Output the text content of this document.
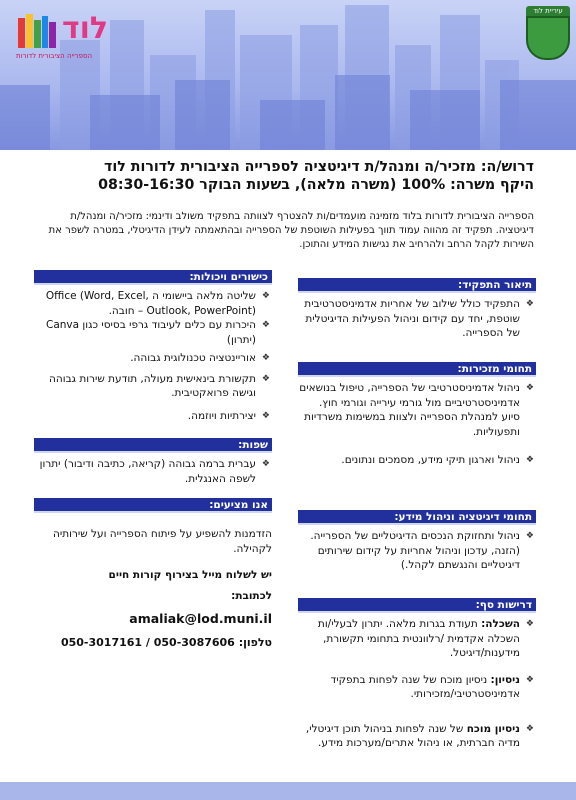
לוד
הספרייה הציבורית לדורות
עיריית לוד
דרוש/ה: מזכיר/ה ומנהל/ת דיגיטציה לספרייה הציבורית לדורות לוד
היקף משרה: 100% (משרה מלאה), בשעות הבוקר 08:30-16:30

הספרייה הציבורית לדורות בלוד מזמינה מועמדים/ות להצטרף לצוותה בתפקיד משולב ודינמי: מזכיר/ה ומנהל/ת דיגיטציה. תפקיד זה מהווה עמוד תווך בפעילות השוטפת של הספרייה ובהתאמתה לעידן הדיגיטלי, במטרה לשפר את השירות לקהל הרחב ולהרחיב את נגישות המידע והתוכן.

תיאור התפקיד:
❖ התפקיד כולל שילוב של אחריות אדמיניסטרטיבית שוטפת, יחד עם קידום וניהול הפעילות הדיגיטלית של הספרייה.
תחומי מזכירות:
❖ ניהול אדמיניסטרטיבי של הספרייה, טיפול בנושאים אדמיניסטרטיביים מול גורמי עירייה וגורמי חוץ. סיוע למנהלת הספרייה ולצוות במשימות משרדיות ותפעוליות.
❖ ניהול וארגון תיקי מידע, מסמכים ונתונים.
תחומי דיגיטציה וניהול מידע:
❖ ניהול ותחזוקת הנכסים הדיגיטליים של הספרייה. (הזנה, עדכון וניהול אחריות על קידום שירותים דיגיטליים והנגשתם לקהל.)
דרישות סף:
❖ השכלה: תעודת בגרות מלאה. יתרון לבעלי/ות השכלה אקדמית /רלוונטית בתחומי תקשורת, מידענות/דיגיטל.
❖ ניסיון: ניסיון מוכח של שנה לפחות בתפקיד אדמיניסטרטיבי/מזכירותי.
❖ ניסיון מוכח של שנה לפחות בניהול תוכן דיגיטלי, מדיה חברתית, או ניהול אתרים/מערכות מידע.
כישורים ויכולות:
❖ שליטה מלאה ביישומי ה Office (Word, Excel, Outlook, PowerPoint) – חובה.
❖ היכרות עם כלים לעיבוד גרפי בסיסי כגון Canva (יתרון)
❖ אוריינטציה טכנולוגית גבוהה.
❖ תקשורת בינאישית מעולה, תודעת שירות גבוהה וגישה פרואקטיבית.
❖ יצירתיות ויוזמה.
שפות:
❖ עברית ברמה גבוהה (קריאה, כתיבה ודיבור) יתרון לשפה האנגלית.
אנו מציעים:
הזדמנות להשפיע על פיתוח הספרייה ועל שירותיה לקהילה.
יש לשלוח מייל בצירוף קורות חיים
לכתובת:
amaliak@lod.muni.il
טלפון: 050-3017161 / 050-3087606
